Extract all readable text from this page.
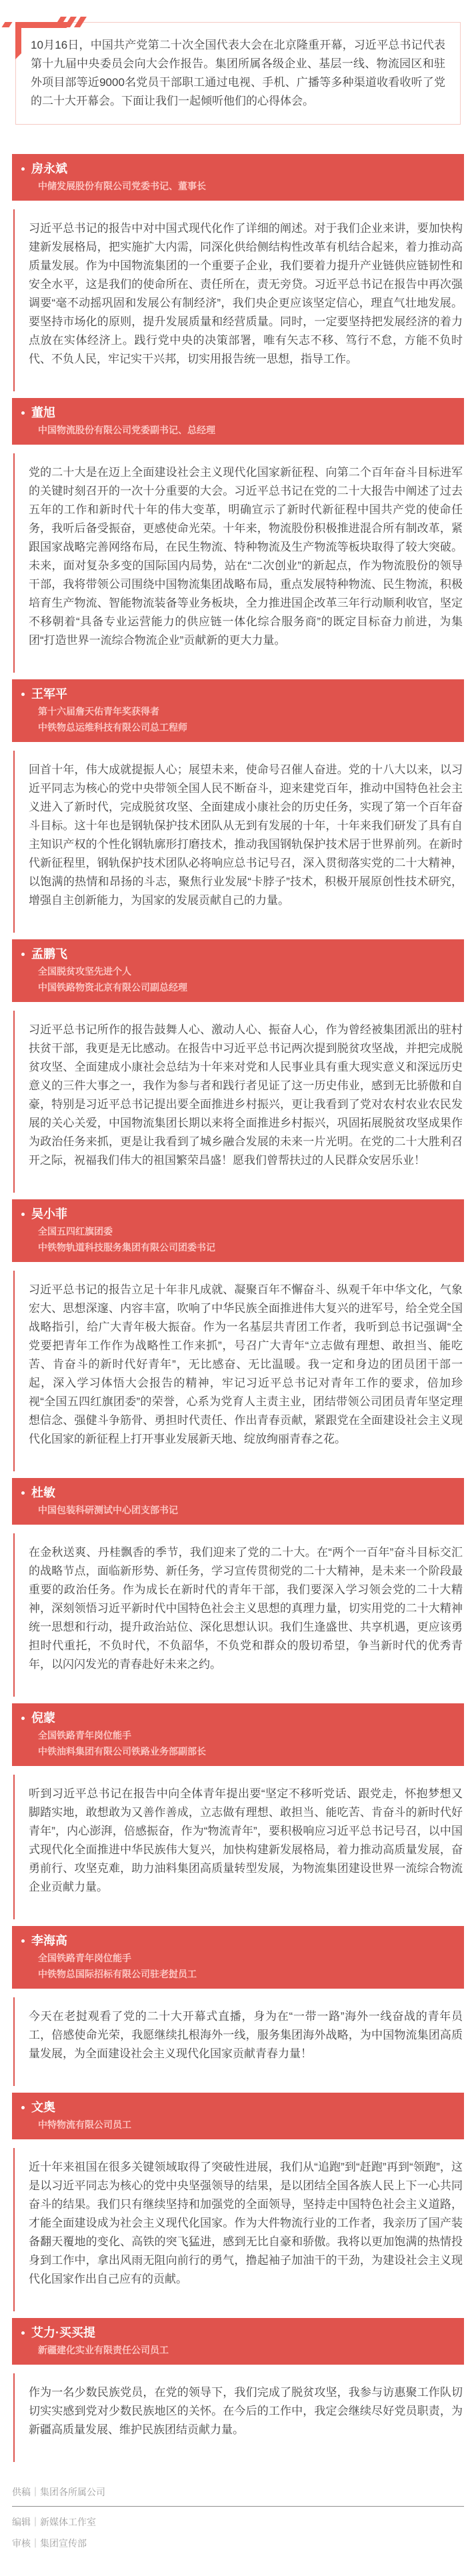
10月16日，中国共产党第二十次全国代表大会在北京隆重开幕，习近平总书记代表第十九届中央委员会向大会作报告。集团所属各级企业、基层一线、物流园区和驻外项目部等近9000名党员干部职工通过电视、手机、广播等多种渠道收看收听了党的二十大开幕会。下面让我们一起倾听他们的心得体会。

房永斌
中储发展股份有限公司党委书记、董事长

习近平总书记的报告中对中国式现代化作了详细的阐述。对于我们企业来讲，要加快构建新发展格局，把实施扩大内需，同深化供给侧结构性改革有机结合起来，着力推动高质量发展。作为中国物流集团的一个重要子企业，我们要着力提升产业链供应链韧性和安全水平，这是我们的使命所在、责任所在，责无旁贷。习近平总书记在报告中再次强调要“毫不动摇巩固和发展公有制经济”，我们央企更应该坚定信心，理直气壮地发展。要坚持市场化的原则，提升发展质量和经营质量。同时，一定要坚持把发展经济的着力点放在实体经济上。践行党中央的决策部署，唯有矢志不移、笃行不怠，方能不负时代、不负人民，牢记实干兴邦，切实用报告统一思想，指导工作。

董旭
中国物流股份有限公司党委副书记、总经理

党的二十大是在迈上全面建设社会主义现代化国家新征程、向第二个百年奋斗目标进军的关键时刻召开的一次十分重要的大会。习近平总书记在党的二十大报告中阐述了过去五年的工作和新时代十年的伟大变革，明确宣示了新时代新征程中国共产党的使命任务，我听后备受振奋，更感使命光荣。十年来，物流股份积极推进混合所有制改革，紧跟国家战略完善网络布局，在民生物流、特种物流及生产物流等板块取得了较大突破。未来，面对复杂多变的国际国内局势，站在“二次创业”的新起点，作为物流股份的领导干部，我将带领公司围绕中国物流集团战略布局，重点发展特种物流、民生物流，积极培育生产物流、智能物流装备等业务板块，全力推进国企改革三年行动顺利收官，坚定不移朝着“具备专业运营能力的供应链一体化综合服务商”的既定目标奋力前进，为集团“打造世界一流综合物流企业”贡献新的更大力量。

王军平
第十六届詹天佑青年奖获得者
中铁物总运维科技有限公司总工程师

回首十年，伟大成就提振人心；展望未来，使命号召催人奋进。党的十八大以来，以习近平同志为核心的党中央带领全国人民不断奋斗，迎来建党百年，推动中国特色社会主义进入了新时代，完成脱贫攻坚、全面建成小康社会的历史任务，实现了第一个百年奋斗目标。这十年也是钢轨保护技术团队从无到有发展的十年，十年来我们研发了具有自主知识产权的个性化钢轨廓形打磨技术，推动我国钢轨保护技术居于世界前列。在新时代新征程里，钢轨保护技术团队必将响应总书记号召，深入贯彻落实党的二十大精神，以饱满的热情和昂扬的斗志，聚焦行业发展“卡脖子”技术，积极开展原创性技术研究，增强自主创新能力，为国家的发展贡献自己的力量。

孟鹏飞
全国脱贫攻坚先进个人
中国铁路物资北京有限公司副总经理

习近平总书记所作的报告鼓舞人心、激动人心、振奋人心，作为曾经被集团派出的驻村扶贫干部，我更是无比感动。在报告中习近平总书记两次提到脱贫攻坚战，并把完成脱贫攻坚、全面建成小康社会总结为十年来对党和人民事业具有重大现实意义和深远历史意义的三件大事之一，我作为参与者和践行者见证了这一历史伟业，感到无比骄傲和自豪，特别是习近平总书记提出要全面推进乡村振兴，更让我看到了党对农村农业农民发展的关心关爱，中国物流集团长期以来将全面推进乡村振兴，巩固拓展脱贫攻坚成果作为政治任务来抓，更是让我看到了城乡融合发展的未来一片光明。在党的二十大胜利召开之际，祝福我们伟大的祖国繁荣昌盛！愿我们曾帮扶过的人民群众安居乐业！

吴小菲
全国五四红旗团委
中铁物轨道科技服务集团有限公司团委书记

习近平总书记的报告立足十年非凡成就、凝聚百年不懈奋斗、纵观千年中华文化，气象宏大、思想深邃、内容丰富，吹响了中华民族全面推进伟大复兴的进军号，给全党全国战略指引，给广大青年极大振奋。作为一名基层共青团工作者，我听到总书记强调“全党要把青年工作作为战略性工作来抓”，号召广大青年“立志做有理想、敢担当、能吃苦、肯奋斗的新时代好青年”，无比感奋、无比温暖。我一定和身边的团员团干部一起，深入学习体悟大会报告的精神，牢记习近平总书记对青年工作的要求，倍加珍视“全国五四红旗团委”的荣誉，心系为党育人主责主业，团结带领公司团员青年坚定理想信念、强健斗争筋骨、勇担时代责任、作出青春贡献，紧跟党在全面建设社会主义现代化国家的新征程上打开事业发展新天地、绽放绚丽青春之花。

杜敏
中国包装科研测试中心团支部书记

在金秋送爽、丹桂飘香的季节，我们迎来了党的二十大。在“两个一百年”奋斗目标交汇的战略节点，面临新形势、新任务，学习宣传贯彻党的二十大精神，是未来一个阶段最重要的政治任务。作为成长在新时代的青年干部，我们要深入学习领会党的二十大精神，深刻领悟习近平新时代中国特色社会主义思想的真理力量，切实用党的二十大精神统一思想和行动，提升政治站位、深化思想认识。我们生逢盛世、共享机遇，更应该勇担时代重托，不负时代，不负韶华，不负党和群众的殷切希望，争当新时代的优秀青年，以闪闪发光的青春赴好未来之约。

倪蒙
全国铁路青年岗位能手
中铁油料集团有限公司铁路业务部副部长

听到习近平总书记在报告中向全体青年提出要“坚定不移听党话、跟党走，怀抱梦想又脚踏实地，敢想敢为又善作善成，立志做有理想、敢担当、能吃苦、肯奋斗的新时代好青年”，内心澎湃，倍感振奋，作为“物流青年”，要积极响应习近平总书记号召，以中国式现代化全面推进中华民族伟大复兴，加快构建新发展格局，着力推动高质量发展，奋勇前行、攻坚克难，助力油料集团高质量转型发展，为物流集团建设世界一流综合物流企业贡献力量。

李海高
全国铁路青年岗位能手
中铁物总国际招标有限公司驻老挝员工

今天在老挝观看了党的二十大开幕式直播，身为在“一带一路”海外一线奋战的青年员工，倍感使命光荣，我愿继续扎根海外一线，服务集团海外战略，为中国物流集团高质量发展，为全面建设社会主义现代化国家贡献青春力量！

文奥
中特物流有限公司员工

近十年来祖国在很多关键领域取得了突破性进展，我们从“追跑”到“赶跑”再到“领跑”，这是以习近平同志为核心的党中央坚强领导的结果，是以团结全国各族人民上下一心共同奋斗的结果。我们只有继续坚持和加强党的全面领导，坚持走中国特色社会主义道路，才能全面建设成为社会主义现代化国家。作为大件物流行业的工作者，我亲历了国产装备翻天覆地的变化、高铁的突飞猛进，感到无比自豪和骄傲。我将以更加饱满的热情投身到工作中，拿出风雨无阻向前行的勇气，撸起袖子加油干的干劲，为建设社会主义现代化国家作出自己应有的贡献。

艾力·买买提
新疆建化实业有限责任公司员工

作为一名少数民族党员，在党的领导下，我们完成了脱贫攻坚，我参与访惠聚工作队切切实实感到党对少数民族地区的关怀。在今后的工作中，我定会继续尽好党员职责，为新疆高质量发展、维护民族团结贡献力量。

供稿｜集团各所属公司
编辑｜新媒体工作室
审核｜集团宣传部
